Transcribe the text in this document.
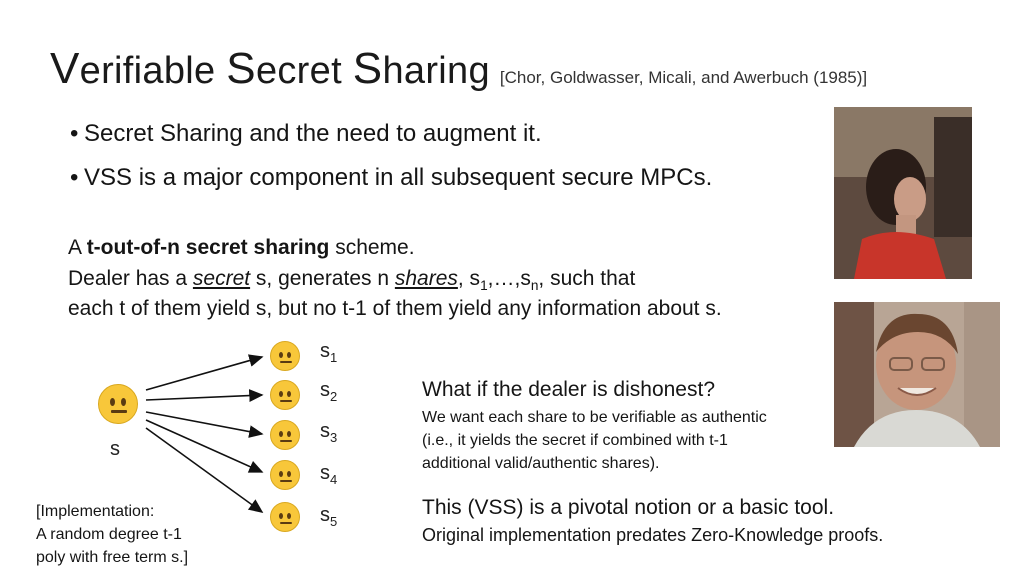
Verifiable Secret Sharing [Chor, Goldwasser, Micali, and Awerbuch (1985)]
• Secret Sharing and the need to augment it.
• VSS is a major component in all subsequent secure MPCs.
A t-out-of-n secret sharing scheme.
Dealer has a secret s, generates n shares, $s_1,\dots,s_n$, such that
each t of them yield s, but no t-1 of them yield any information about s.
s
$s_1$
$s_2$
$s_3$
$s_4$
$s_5$
[Implementation:
A random degree t-1
poly with free term s.]
What if the dealer is dishonest?
We want each share to be verifiable as authentic
(i.e., it yields the secret if combined with t-1
additional valid/authentic shares).
This (VSS) is a pivotal notion or a basic tool.
Original implementation predates Zero-Knowledge proofs.
